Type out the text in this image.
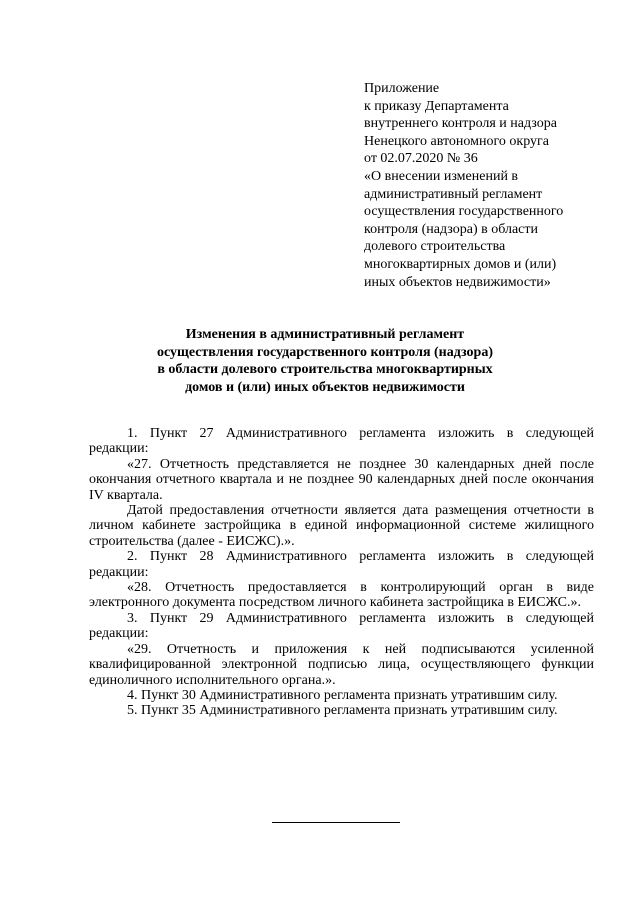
Приложение
к приказу Департамента
внутреннего контроля и надзора
Ненецкого автономного округа
от 02.07.2020 № 36
«О внесении изменений в
административный регламент
осуществления государственного
контроля (надзора) в области
долевого строительства
многоквартирных домов и (или)
иных объектов недвижимости»
Изменения в административный регламент
осуществления государственного контроля (надзора)
в области долевого строительства многоквартирных
домов и (или) иных объектов недвижимости

1. Пункт 27 Административного регламента изложить в следующей редакции:

«27. Отчетность представляется не позднее 30 календарных дней после окончания отчетного квартала и не позднее 90 календарных дней после окончания IV квартала.

Датой предоставления отчетности является дата размещения отчетности в личном кабинете застройщика в единой информационной системе жилищного строительства (далее - ЕИСЖС).».

2. Пункт 28 Административного регламента изложить в следующей редакции:

«28. Отчетность предоставляется в контролирующий орган в виде электронного документа посредством личного кабинета застройщика в ЕИСЖС.».

3. Пункт 29 Административного регламента изложить в следующей редакции:

«29. Отчетность и приложения к ней подписываются усиленной квалифицированной электронной подписью лица, осуществляющего функции единоличного исполнительного органа.».

4. Пункт 30 Административного регламента признать утратившим силу.

5. Пункт 35 Административного регламента признать утратившим силу.
